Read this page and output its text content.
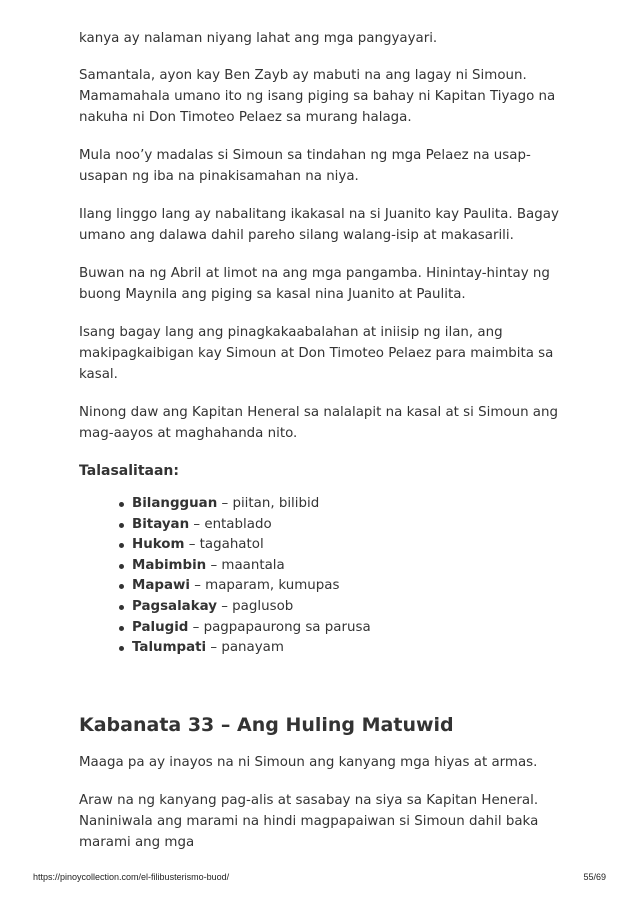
kanya ay nalaman niyang lahat ang mga pangyayari.

Samantala, ayon kay Ben Zayb ay mabuti na ang lagay ni Simoun. Mamamahala umano ito ng isang piging sa bahay ni Kapitan Tiyago na nakuha ni Don Timoteo Pelaez sa murang halaga.

Mula noo’y madalas si Simoun sa tindahan ng mga Pelaez na usap-usapan ng iba na pinakisamahan na niya.

Ilang linggo lang ay nabalitang ikakasal na si Juanito kay Paulita. Bagay umano ang dalawa dahil pareho silang walang-isip at makasarili.

Buwan na ng Abril at limot na ang mga pangamba. Hinintay-hintay ng buong Maynila ang piging sa kasal nina Juanito at Paulita.

Isang bagay lang ang pinagkakaabalahan at iniisip ng ilan, ang makipagkaibigan kay Simoun at Don Timoteo Pelaez para maimbita sa kasal.

Ninong daw ang Kapitan Heneral sa nalalapit na kasal at si Simoun ang mag-aayos at maghahanda nito.

Talasalitaan:
Bilangguan – piitan, bilibid
Bitayan – entablado
Hukom – tagahatol
Mabimbin – maantala
Mapawi – maparam, kumupas
Pagsalakay – paglusob
Palugid – pagpapaurong sa parusa
Talumpati – panayam
Kabanata 33 – Ang Huling Matuwid

Maaga pa ay inayos na ni Simoun ang kanyang mga hiyas at armas.

Araw na ng kanyang pag-alis at sasabay na siya sa Kapitan Heneral. Naniniwala ang marami na hindi magpapaiwan si Simoun dahil baka marami ang mga

https://pinoycollection.com/el-filibusterismo-buod/	55/69
